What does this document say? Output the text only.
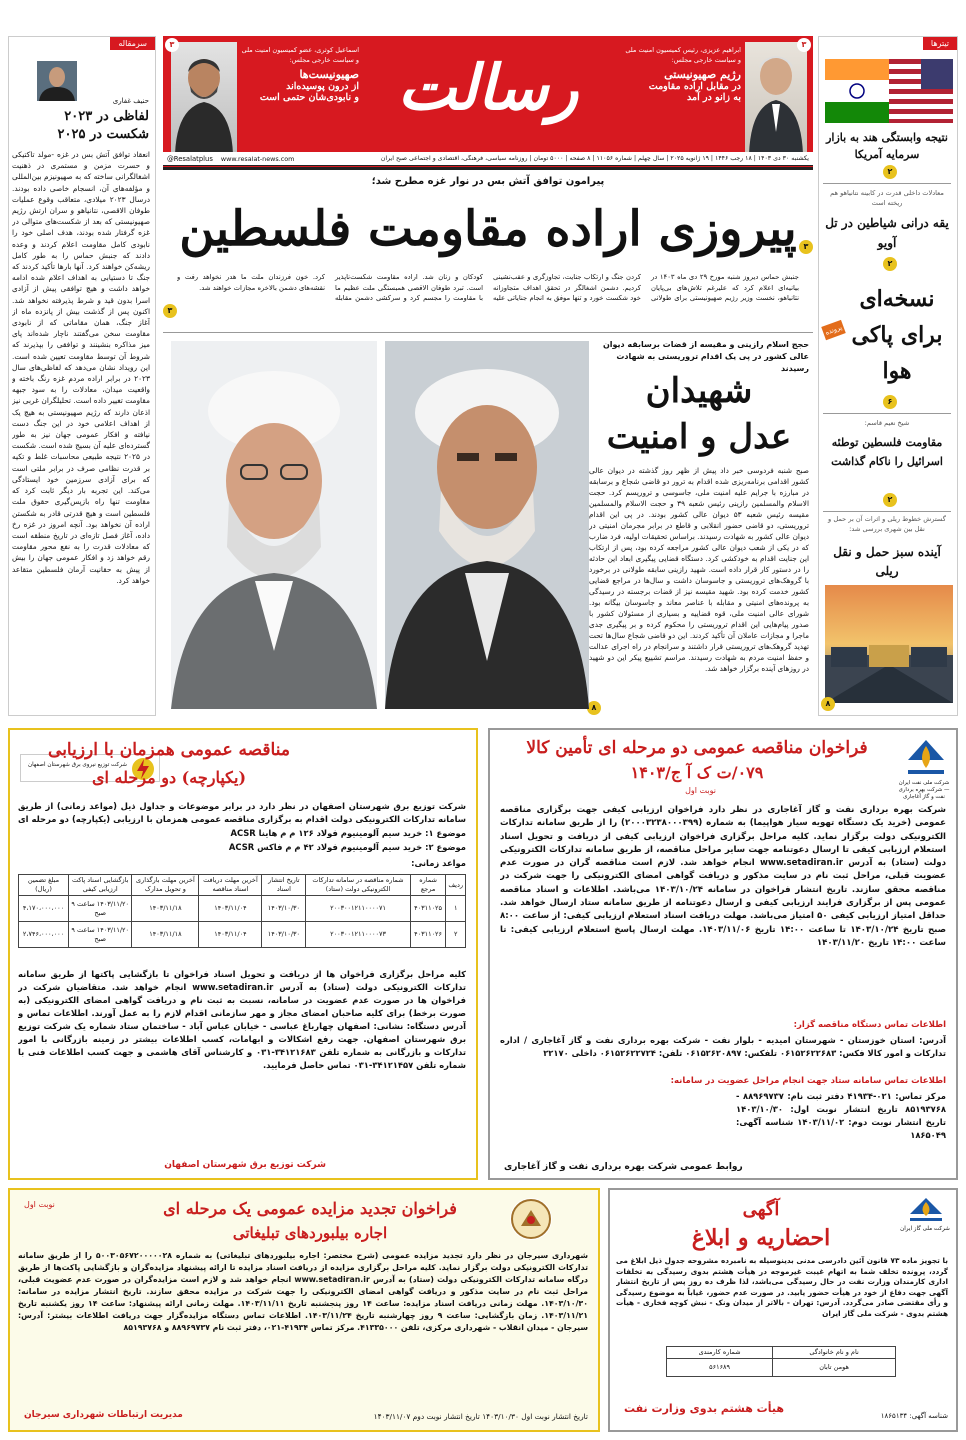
ابراهیم عزیزی، رئیس کمیسیون امنیت ملی و سیاست خارجی مجلس:
رژیم صهیونیستی
در مقابل اراده مقاومت
به زانو در آمد
۳
رسالت
اسماعیل کوثری، عضو کمیسیون امنیت ملی و سیاست خارجی مجلس:
صهیونیست‌ها
از درون پوسیده‌اند
و نابودی‌شان حتمی است
۳
یکشنبه ۳۰ دی ۱۴۰۳ | ۱۸ رجب ۱۴۴۶ | ۱۹ ژانویه ۲۰۲۵ | سال چهلم | شماره ۱۱۰۵۶ | ۸ صفحه | ۵۰۰۰ تومان | روزنامه سیاسی، فرهنگی، اقتصادی و اجتماعی صبح ایران
www.resalat-news.com
@Resalatplus
سرمقاله
حنیف غفاری
لفاظی در ۲۰۲۳
شکست در ۲۰۲۵
انعقاد توافق آتش بس در غزه -مولد تاکتیکی و حسرت مزمن و مستمری در ذهنیت اشغالگرانی ساخته که به صهیونیزم بین‌المللی و مؤلفه‌های آن، انسجام خاصی داده بودند. درسال ۲۰۲۳ میلادی، متعاقب وقوع عملیات طوفان الاقصی، نتانیاهو و سران ارتش رژیم صهیونیستی که بعد از شکست‌های متوالی در غزه گرفتار شده بودند، هدف اصلی خود را نابودی کامل مقاومت اعلام کردند و وعده دادند که جنبش حماس را به طور کامل ریشه‌کن خواهند کرد. آنها بارها تأکید کردند که جنگ تا دستیابی به اهداف اعلام شده ادامه خواهد داشت و هیچ توافقی پیش از آزادی اسرا بدون قید و شرط پذیرفته نخواهد شد. اکنون پس از گذشت بیش از پانزده ماه از آغاز جنگ، همان مقاماتی که از نابودی مقاومت سخن می‌گفتند ناچار شده‌اند پای میز مذاکره بنشینند و توافقی را بپذیرند که شروط آن توسط مقاومت تعیین شده است. این رویداد نشان می‌دهد که لفاظی‌های سال ۲۰۲۳ در برابر اراده مردم غزه رنگ باخته و واقعیت میدان، معادلات را به سود جبهه مقاومت تغییر داده است. تحلیلگران غربی نیز اذعان دارند که رژیم صهیونیستی به هیچ یک از اهداف اعلامی خود در این جنگ دست نیافته و افکار عمومی جهان نیز به طور گسترده‌ای علیه آن بسیج شده است. شکست در ۲۰۲۵ نتیجه طبیعی محاسبات غلط و تکیه بر قدرت نظامی صرف در برابر ملتی است که برای آزادی سرزمین خود ایستادگی می‌کند. این تجربه بار دیگر ثابت کرد که مقاومت تنها راه بازپس‌گیری حقوق ملت فلسطین است و هیچ قدرتی قادر به شکستن اراده آن نخواهد بود. آنچه امروز در غزه رخ داده، آغاز فصل تازه‌ای در تاریخ منطقه است که معادلات قدرت را به نفع محور مقاومت رقم خواهد زد و افکار عمومی جهان را بیش از پیش به حقانیت آرمان فلسطین متقاعد خواهد کرد.
تیترها
نتیجه وابستگی هند به بازار سرمایه آمریکا
۲
معادلات داخلی قدرت در کابینه نتانیاهو هم ریخته است
یقه درانی شیاطین در تل آویو
۲
پرونده
نسخه‌ای برای پاکی هوا
۶
شیخ نعیم قاسم:
مقاومت فلسطین توطئه اسرائیل را ناکام گذاشت
۲
گسترش خطوط ریلی و اثرات آن بر حمل و نقل بین شهری بررسی شد:
آینده سبز حمل و نقل ریلی
۸
پیرامون توافق آتش بس در نوار غزه مطرح شد؛
۳
پیروزی اراده مقاومت فلسطین
جنبش حماس دیروز شنبه مورخ ۲۹ دی ماه ۱۴۰۳ در بیانیه‌ای اعلام کرد که علیرغم تلاش‌های بی‌پایان نتانیاهو، نخست وزیر رژیم صهیونیستی برای طولانی کردن جنگ و ارتکاب جنایت، تجاوزگری و عقب‌نشینی کردیم. دشمن اشغالگر در تحقق اهداف متجاوزانه خود شکست خورد و تنها موفق به انجام جنایاتی علیه کودکان و زنان شد. اراده مقاومت شکست‌ناپذیر است. تبرد طوفان الاقصی همبستگی ملت عظیم ما با مقاومت را مجسم کرد و سرکشی دشمن مقابله کرد. خون فرزندان ملت ما هدر نخواهد رفت و نقشه‌های دشمن بالاخره مجازات خواهند شد.
۳
حجج اسلام رازینی و مقیسه از قضات برسابقه دیوان عالی کشور در پی یک اقدام تروریستی به شهادت رسیدند
شهیدان
عدل و امنیت
صبح شنبه فردوسی خبر داد پیش از ظهر روز گذشته در دیوان عالی کشور اقدامی برنامه‌ریزی شده اقدام به ترور دو قاضی شجاع و برسابقه در مبارزه با جرایم علیه امنیت ملی، جاسوسی و تروریسم کرد. حجت الاسلام والمسلمین رازینی رئیس شعبه ۳۹ و حجت الاسلام والمسلمین مقیسه رئیس شعبه ۵۳ دیوان عالی کشور بودند. در پی این اقدام تروریستی، دو قاضی حضور انقلابی و قاطع در برابر مجرمان امنیتی در دیوان عالی کشور به شهادت رسیدند. براساس تحقیقات اولیه، فرد ضارب که در یکی از شعب دیوان عالی کشور مراجعه کرده بود، پس از ارتکاب این جنایت اقدام به خودکشی کرد. دستگاه قضایی پیگیری ابعاد این حادثه را در دستور کار قرار داده است. شهید رازینی سابقه طولانی در برخورد با گروهک‌های تروریستی و جاسوسان داشت و سال‌ها در مراجع قضایی کشور خدمت کرده بود. شهید مقیسه نیز از قضات برجسته در رسیدگی به پرونده‌های امنیتی و مقابله با عناصر معاند و جاسوسان بیگانه بود. شورای عالی امنیت ملی، قوه قضاییه و بسیاری از مسئولان کشور با صدور پیام‌هایی این اقدام تروریستی را محکوم کرده و بر پیگیری جدی ماجرا و مجازات عاملان آن تأکید کردند. این دو قاضی شجاع سال‌ها تحت تهدید گروهک‌های تروریستی قرار داشتند و سرانجام در راه اجرای عدالت و حفظ امنیت مردم به شهادت رسیدند. مراسم تشییع پیکر این دو شهید در روزهای آینده برگزار خواهد شد.
۸
شرکت ملی نفت ایران — شرکت بهره برداری نفت و گاز آغاجاری
فراخوان مناقصه عمومی دو مرحله ای تأمین کالا
۰۷۹/ت ک آ ج/۱۴۰۳
نوبت اول
شرکت بهره برداری نفت و گاز آغاجاری در نظر دارد فراخوان ارزیابی کیفی جهت برگزاری مناقصه عمومی (خرید یک دستگاه تهویه سیار هواپیما) به شماره (۲۰۰۰۳۲۳۸۰۰۰۳۹۹) را از طریق سامانه تدارکات الکترونیکی دولت برگزار نماید. کلیه مراحل برگزاری فراخوان ارزیابی کیفی از دریافت و تحویل اسناد استعلام ارزیابی کیفی تا ارسال دعوتنامه جهت سایر مراحل مناقصه، از طریق سامانه تدارکات الکترونیکی دولت (ستاد) به آدرس www.setadiran.ir انجام خواهد شد. لازم است مناقصه گران در صورت عدم عضویت قبلی، مراحل ثبت نام در سایت مذکور و دریافت گواهی امضای الکترونیکی را جهت شرکت در مناقصه محقق سازند. تاریخ انتشار فراخوان در سامانه ۱۴۰۳/۱۰/۲۴ می‌باشد. اطلاعات و اسناد مناقصه عمومی پس از برگزاری فرایند ارزیابی کیفی و ارسال دعوتنامه از طریق سامانه ستاد ارسال خواهد شد. حداقل امتیاز ارزیابی کیفی ۵۰ امتیاز می‌باشد. مهلت دریافت اسناد استعلام ارزیابی کیفی: از ساعت ۸:۰۰ صبح تاریخ ۱۴۰۳/۱۰/۲۴ تا ساعت ۱۴:۰۰ تاریخ ۱۴۰۳/۱۱/۰۶. مهلت ارسال پاسخ استعلام ارزیابی کیفی: تا ساعت ۱۴:۰۰ تاریخ ۱۴۰۳/۱۱/۲۰
اطلاعات تماس دستگاه مناقصه گزار:
آدرس: استان خوزستان - شهرستان امیدیه - بلوار نفت - شرکت بهره برداری نفت و گاز آغاجاری / اداره تدارکات و امور کالا فکس: ۰۶۱۵۲۶۲۲۶۸۳ تلفکس: ۰۶۱۵۲۶۲۰۸۹۷ تلفن: ۰۶۱۵۲۶۲۲۷۲۴ داخلی ۲۲۱۷۰
اطلاعات تماس سامانه ستاد جهت انجام مراحل عضویت در سامانه:
مرکز تماس: ۰۲۱-۴۱۹۳۴ دفتر ثبت نام: ۸۸۹۶۹۷۳۷ - ۸۵۱۹۳۷۶۸ تاریخ انتشار نوبت اول: ۱۴۰۳/۱۰/۳۰ تاریخ انتشار نوبت دوم: ۱۴۰۳/۱۱/۰۲ شناسه آگهی: ۱۸۶۵۰۴۹
روابط عمومی شرکت بهره برداری نفت و گاز آغاجاری
شرکت توزیع نیروی برق شهرستان اصفهان
مناقصه عمومی همزمان با ارزیابی
(یکپارچه) دو مرحله ای
شرکت توزیع برق شهرستان اصفهان در نظر دارد در برابر موضوعات و جداول ذیل (مواعد زمانی) از طریق سامانه تدارکات الکترونیکی دولت اقدام به برگزاری مناقصه عمومی همزمان با ارزیابی (یکپارچه) دو مرحله ای
موضوع ۱: خرید سیم آلومینیوم فولاد ۱۲۶ م م هاینا ACSR
موضوع ۲: خرید سیم آلومینیوم فولاد ۴۲ م م فاکس ACSR
مواعد زمانی:
ردیف	شماره مرجع	شماره مناقصه در سامانه تدارکات الکترونیکی دولت (ستاد)	تاریخ انتشار اسناد	آخرین مهلت دریافت اسناد مناقصه	آخرین مهلت بارگذاری و تحویل مدارک	بازگشایی اسناد پاکت ارزیابی کیفی	مبلغ تضمین (ریال)
۱	۴۰۳۱۱۰۲۵	۲۰۰۳۰۰۱۲۱۱۰۰۰۰۷۱	۱۴۰۳/۱۰/۳۰	۱۴۰۳/۱۱/۰۴	۱۴۰۳/۱۱/۱۸	۱۴۰۳/۱۱/۲۰ ساعت ۹ صبح	۴،۱۷۰،۰۰۰،۰۰۰
۲	۴۰۳۱۱۰۲۶	۲۰۰۳۰۰۱۲۱۱۰۰۰۰۷۳	۱۴۰۳/۱۰/۳۰	۱۴۰۳/۱۱/۰۴	۱۴۰۳/۱۱/۱۸	۱۴۰۳/۱۱/۲۰ ساعت ۹ صبح	۲،۷۴۶،۰۰۰،۰۰۰
کلیه مراحل برگزاری فراخوان ها از دریافت و تحویل اسناد فراخوان تا بازگشایی پاکتها از طریق سامانه تدارکات الکترونیکی دولت (ستاد) به آدرس www.setadiran.ir انجام خواهد شد. متقاضیان شرکت در فراخوان ها در صورت عدم عضویت در سامانه، نسبت به ثبت نام و دریافت گواهی امضای الکترونیکی (به صورت برخط) برای کلیه صاحبان امضای مجاز و مهر سازمانی اقدام لازم را به عمل آورند. اطلاعات تماس و آدرس دستگاه: نشانی: اصفهان چهارباغ عباسی - خیابان عباس آباد - ساختمان ستاد شماره یک شرکت توزیع برق شهرستان اصفهان. جهت رفع اشکالات و ابهامات، کسب اطلاعات بیشتر در زمینه بازرگانی با امور تدارکات و بازرگانی به شماره تلفن ۳۴۱۲۱۶۸۳-۰۳۱ و کارشناس آقای هاشمی و جهت کسب اطلاعات فنی با شماره تلفن ۳۴۱۲۱۴۵۷-۰۳۱ تماس حاصل فرمایید.
شرکت توزیع برق شهرستان اصفهان
شرکت ملی گاز ایران
آگهی
احضاریه و ابلاغ
با تجویز ماده ۷۳ قانون آئین دادرسی مدنی بدینوسیله به نامبرده مشروحه جدول ذیل ابلاغ می گردد، پرونده تخلف شما به اتهام غیبت غیرموجه در هیأت هشتم بدوی رسیدگی به تخلفات اداری کارمندان وزارت نفت در حال رسیدگی می‌باشد، لذا ظرف ده روز پس از تاریخ انتشار آگهی جهت دفاع از خود در هیأت حضور یابید. در صورت عدم حضور، غیاباً به موضوع رسیدگی و رأی مقتضی صادر می‌گردد. آدرس: تهران - بالاتر از میدان ونک - نبش کوچه فخاری - هیأت هشتم بدوی - شرکت ملی گاز ایران
نام و نام خانوادگی	شماره کارمندی
هومن تابان	۵۶۱۶۸۹
هیأت هشتم بدوی وزارت نفت
شناسه آگهی: ۱۸۶۵۱۳۴
نوبت اول	فراخوان تجدید مزایده عمومی یک مرحله ای
اجاره بیلبوردهای تبلیغاتی
شهرداری سیرجان در نظر دارد تجدید مزایده عمومی (شرح مختصر: اجاره بیلبوردهای تبلیغاتی) به شماره ۵۰۰۳۰۵۶۷۲۰۰۰۰۰۲۸ را از طریق سامانه تدارکات الکترونیکی دولت برگزار نماید. کلیه مراحل برگزاری مزایده از دریافت اسناد مزایده تا ارائه پیشنهاد مزایده‌گران و بازگشایی پاکت‌ها از طریق درگاه سامانه تدارکات الکترونیکی دولت (ستاد) به آدرس www.setadiran.ir انجام خواهد شد و لازم است مزایده‌گران در صورت عدم عضویت قبلی، مراحل ثبت نام در سایت مذکور و دریافت گواهی امضای الکترونیکی را جهت شرکت در مزایده محقق سازند. تاریخ انتشار مزایده در سامانه: ۱۴۰۳/۱۰/۳۰. مهلت زمانی دریافت اسناد مزایده: ساعت ۱۴ روز پنجشنبه تاریخ ۱۴۰۳/۱۱/۱۱. مهلت زمانی ارائه پیشنهاد: ساعت ۱۴ روز یکشنبه تاریخ ۱۴۰۳/۱۱/۲۱. زمان بازگشایی: ساعت ۹ روز چهارشنبه تاریخ ۱۴۰۳/۱۱/۲۴. اطلاعات تماس دستگاه مزایده‌گزار جهت دریافت اطلاعات بیشتر: آدرس: سیرجان - میدان انقلاب - شهرداری مرکزی، تلفن ۴۱۳۳۵۰۰۰. مرکز تماس ۴۱۹۳۴-۰۲۱، دفتر ثبت نام ۸۸۹۶۹۷۳۷ و ۸۵۱۹۳۷۶۸
مدیریت ارتباطات شهرداری سیرجان	تاریخ انتشار نوبت اول ۱۴۰۳/۱۰/۳۰ تاریخ انتشار نوبت دوم ۱۴۰۳/۱۱/۰۷
